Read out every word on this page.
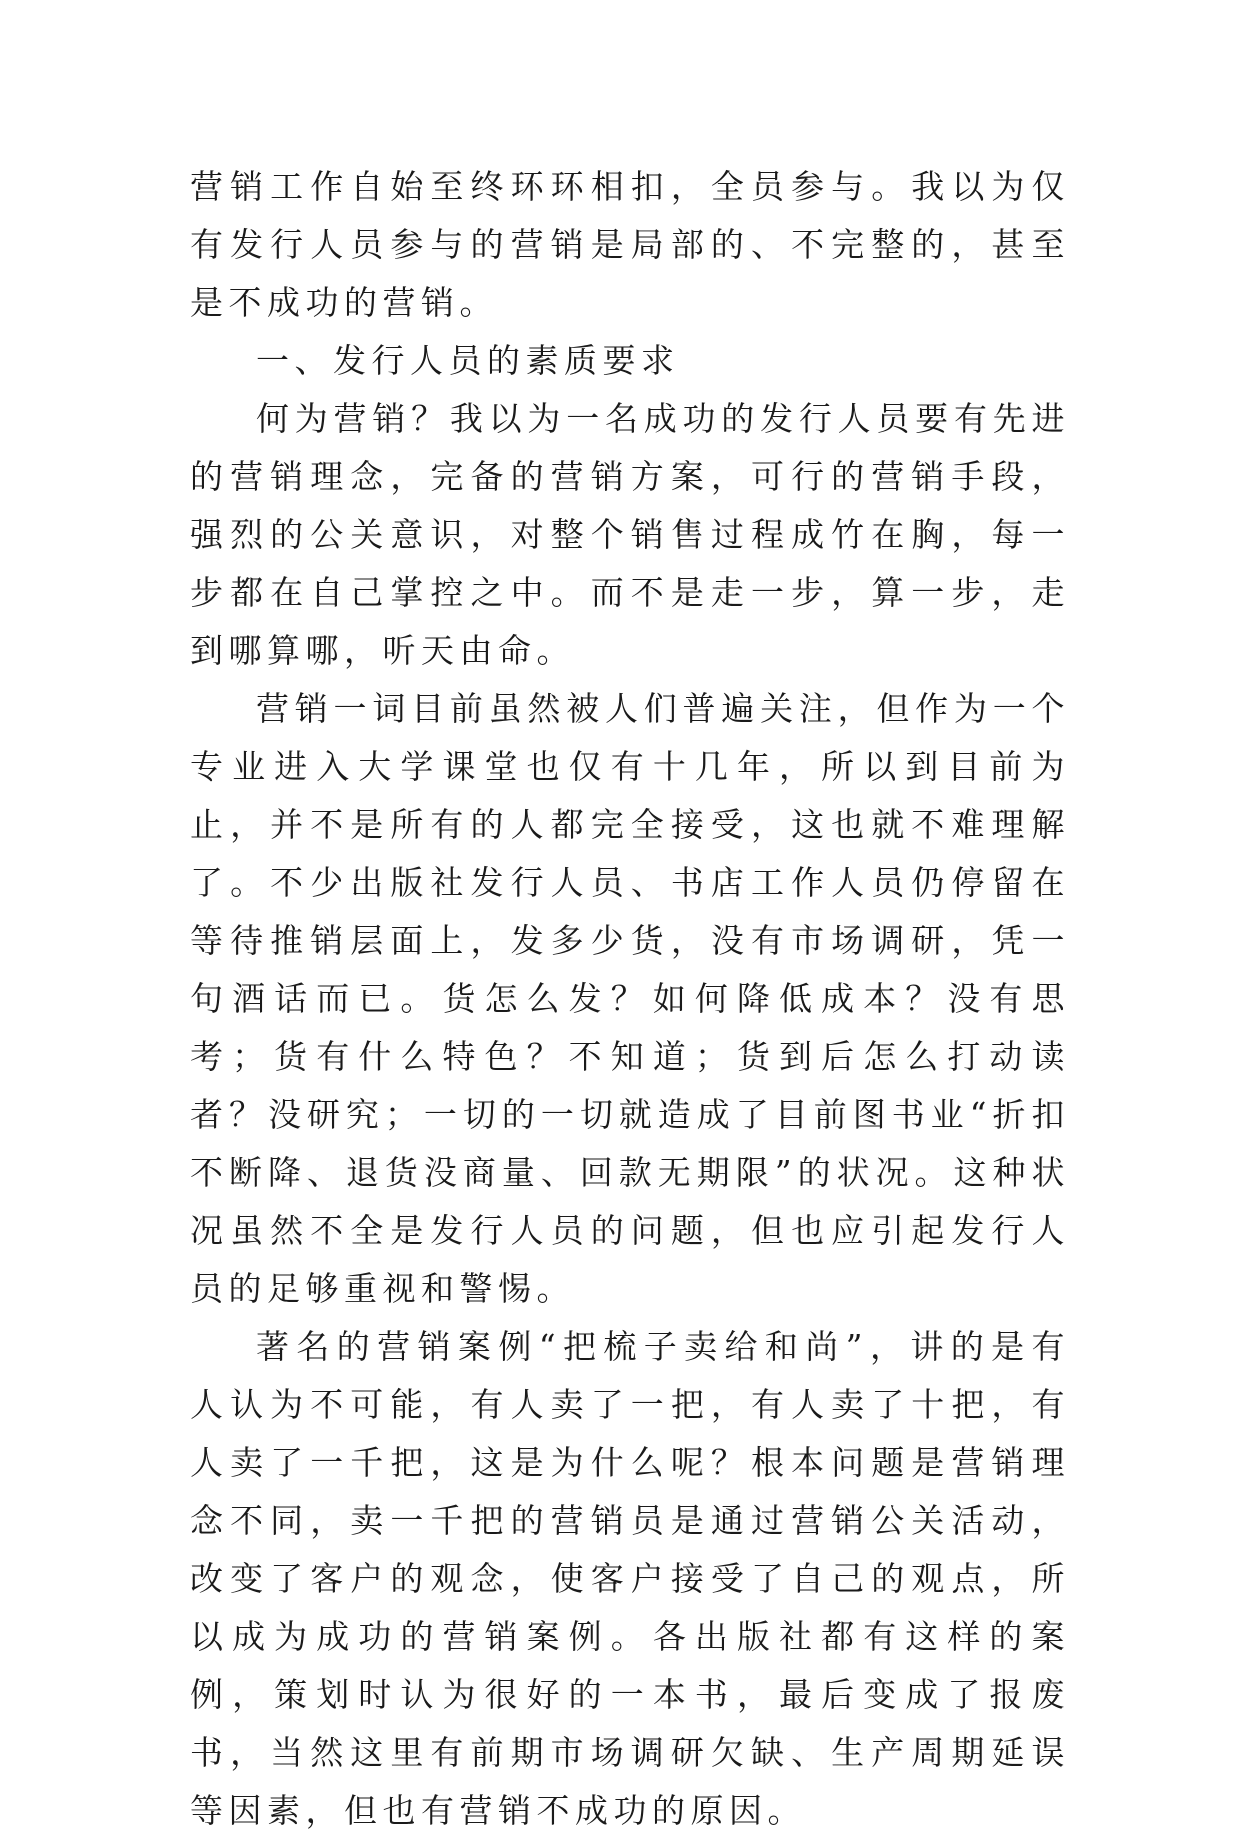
营销工作自始至终环环相扣，全员参与。我以为仅有发行人员参与的营销是局部的、不完整的，甚至是不成功的营销。

一、发行人员的素质要求

何为营销？我以为一名成功的发行人员要有先进的营销理念，完备的营销方案，可行的营销手段，强烈的公关意识，对整个销售过程成竹在胸，每一步都在自己掌控之中。而不是走一步，算一步，走到哪算哪，听天由命。

营销一词目前虽然被人们普遍关注，但作为一个专业进入大学课堂也仅有十几年，所以到目前为止，并不是所有的人都完全接受，这也就不难理解了。不少出版社发行人员、书店工作人员仍停留在等待推销层面上，发多少货，没有市场调研，凭一句酒话而已。货怎么发？如何降低成本？没有思考；货有什么特色？不知道；货到后怎么打动读者？没研究；一切的一切就造成了目前图书业“折扣不断降、退货没商量、回款无期限”的状况。这种状况虽然不全是发行人员的问题，但也应引起发行人员的足够重视和警惕。

著名的营销案例“把梳子卖给和尚”，讲的是有人认为不可能，有人卖了一把，有人卖了十把，有人卖了一千把，这是为什么呢？根本问题是营销理念不同，卖一千把的营销员是通过营销公关活动，改变了客户的观念，使客户接受了自己的观点，所以成为成功的营销案例。各出版社都有这样的案例，策划时认为很好的一本书，最后变成了报废书，当然这里有前期市场调研欠缺、生产周期延误等因素，但也有营销不成功的原因。
